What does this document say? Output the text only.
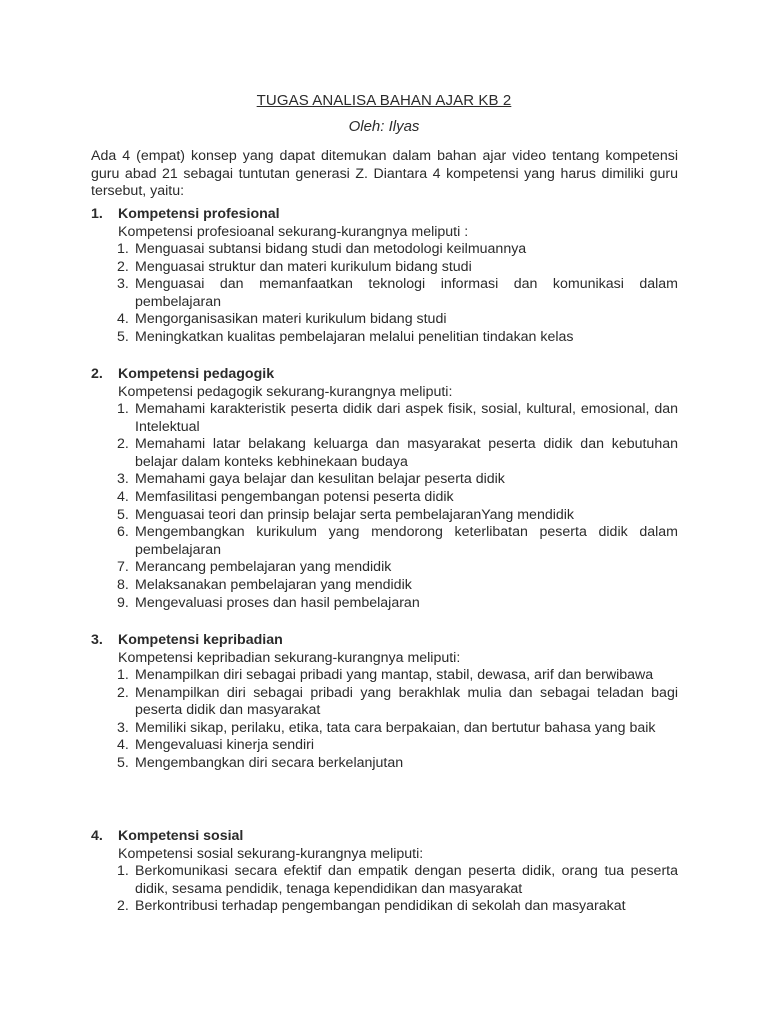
TUGAS ANALISA BAHAN AJAR KB 2
Oleh: Ilyas
Ada 4 (empat) konsep yang dapat ditemukan dalam bahan ajar video tentang kompetensi guru abad 21 sebagai tuntutan generasi Z. Diantara 4 kompetensi yang harus dimiliki guru tersebut, yaitu:
1. Kompetensi profesional
Kompetensi profesioanal sekurang-kurangnya meliputi :
1. Menguasai subtansi bidang studi dan metodologi keilmuannya
2. Menguasai struktur dan materi kurikulum bidang studi
3. Menguasai dan memanfaatkan teknologi informasi dan komunikasi dalam pembelajaran
4. Mengorganisasikan materi kurikulum bidang studi
5. Meningkatkan kualitas pembelajaran melalui penelitian tindakan kelas
2. Kompetensi pedagogik
Kompetensi pedagogik sekurang-kurangnya meliputi:
1. Memahami karakteristik peserta didik dari aspek fisik, sosial, kultural, emosional, dan Intelektual
2. Memahami latar belakang keluarga dan masyarakat peserta didik dan kebutuhan belajar dalam konteks kebhinekaan budaya
3. Memahami gaya belajar dan kesulitan belajar peserta didik
4. Memfasilitasi pengembangan potensi peserta didik
5. Menguasai teori dan prinsip belajar serta pembelajaranYang mendidik
6. Mengembangkan kurikulum yang mendorong keterlibatan peserta didik dalam pembelajaran
7. Merancang pembelajaran yang mendidik
8. Melaksanakan pembelajaran yang mendidik
9. Mengevaluasi proses dan hasil pembelajaran
3. Kompetensi kepribadian
Kompetensi kepribadian sekurang-kurangnya meliputi:
1. Menampilkan diri sebagai pribadi yang mantap, stabil, dewasa, arif dan berwibawa
2. Menampilkan diri sebagai pribadi yang berakhlak mulia dan sebagai teladan bagi peserta didik dan masyarakat
3. Memiliki sikap, perilaku, etika, tata cara berpakaian, dan bertutur bahasa yang baik
4. Mengevaluasi kinerja sendiri
5. Mengembangkan diri secara berkelanjutan
4. Kompetensi sosial
Kompetensi sosial sekurang-kurangnya meliputi:
1. Berkomunikasi secara efektif dan empatik dengan peserta didik, orang tua peserta didik, sesama pendidik, tenaga kependidikan dan masyarakat
2. Berkontribusi terhadap pengembangan pendidikan di sekolah dan masyarakat
